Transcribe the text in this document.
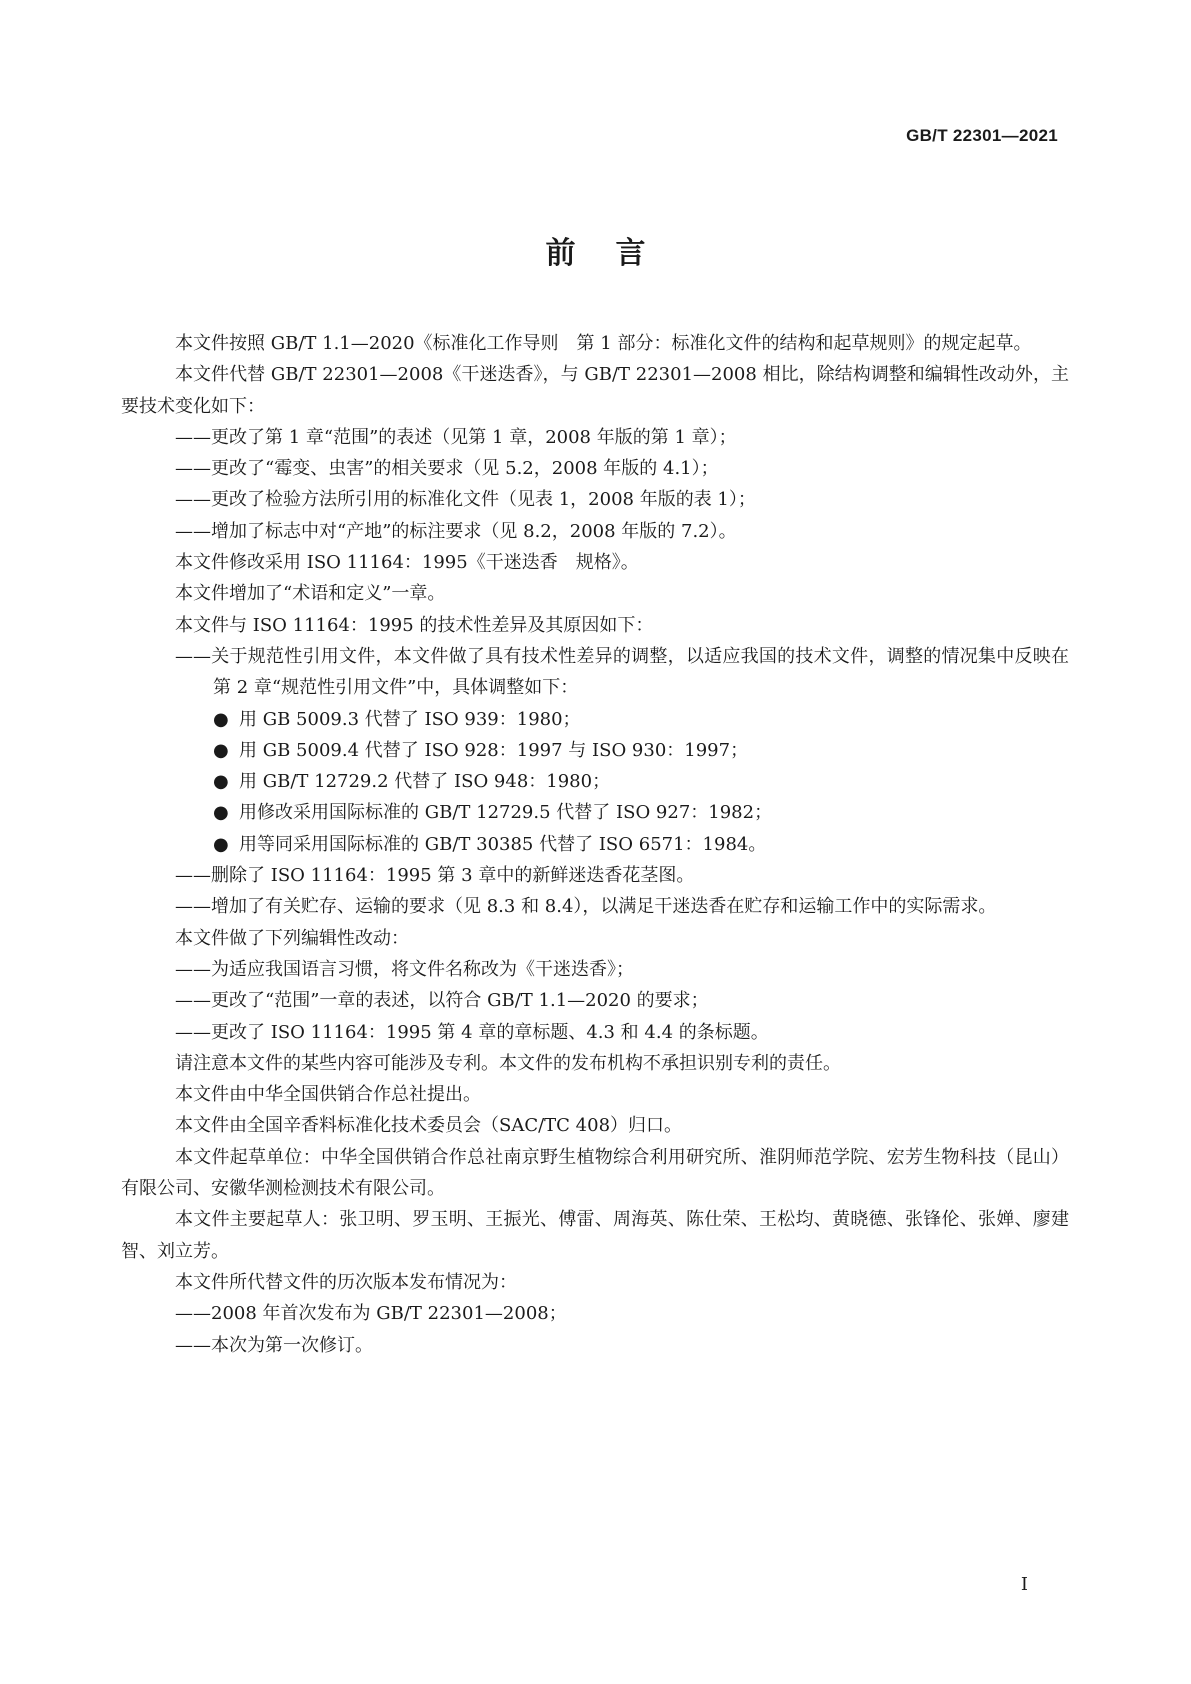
GB/T 22301—2021
前言

本文件按照 GB/T 1.1—2020《标准化工作导则　第 1 部分：标准化文件的结构和起草规则》的规定起草。

本文件代替 GB/T 22301—2008《干迷迭香》，与 GB/T 22301—2008 相比，除结构调整和编辑性改动外，主要技术变化如下：

——更改了第 1 章“范围”的表述（见第 1 章，2008 年版的第 1 章）；

——更改了“霉变、虫害”的相关要求（见 5.2，2008 年版的 4.1）；

——更改了检验方法所引用的标准化文件（见表 1，2008 年版的表 1）；

——增加了标志中对“产地”的标注要求（见 8.2，2008 年版的 7.2）。

本文件修改采用 ISO 11164：1995《干迷迭香　规格》。

本文件增加了“术语和定义”一章。

本文件与 ISO 11164：1995 的技术性差异及其原因如下：

——关于规范性引用文件，本文件做了具有技术性差异的调整，以适应我国的技术文件，调整的情况集中反映在第 2 章“规范性引用文件”中，具体调整如下：

● 用 GB 5009.3 代替了 ISO 939：1980；

● 用 GB 5009.4 代替了 ISO 928：1997 与 ISO 930：1997；

● 用 GB/T 12729.2 代替了 ISO 948：1980；

● 用修改采用国际标准的 GB/T 12729.5 代替了 ISO 927：1982；

● 用等同采用国际标准的 GB/T 30385 代替了 ISO 6571：1984。

——删除了 ISO 11164：1995 第 3 章中的新鲜迷迭香花茎图。

——增加了有关贮存、运输的要求（见 8.3 和 8.4），以满足干迷迭香在贮存和运输工作中的实际需求。

本文件做了下列编辑性改动：

——为适应我国语言习惯，将文件名称改为《干迷迭香》；

——更改了“范围”一章的表述，以符合 GB/T 1.1—2020 的要求；

——更改了 ISO 11164：1995 第 4 章的章标题、4.3 和 4.4 的条标题。

请注意本文件的某些内容可能涉及专利。本文件的发布机构不承担识别专利的责任。

本文件由中华全国供销合作总社提出。

本文件由全国辛香料标准化技术委员会（SAC/TC 408）归口。

本文件起草单位：中华全国供销合作总社南京野生植物综合利用研究所、淮阴师范学院、宏芳生物科技（昆山）有限公司、安徽华测检测技术有限公司。

本文件主要起草人：张卫明、罗玉明、王振光、傅雷、周海英、陈仕荣、王松均、黄晓德、张锋伦、张婵、廖建智、刘立芳。

本文件所代替文件的历次版本发布情况为：

——2008 年首次发布为 GB/T 22301—2008；

——本次为第一次修订。

I
